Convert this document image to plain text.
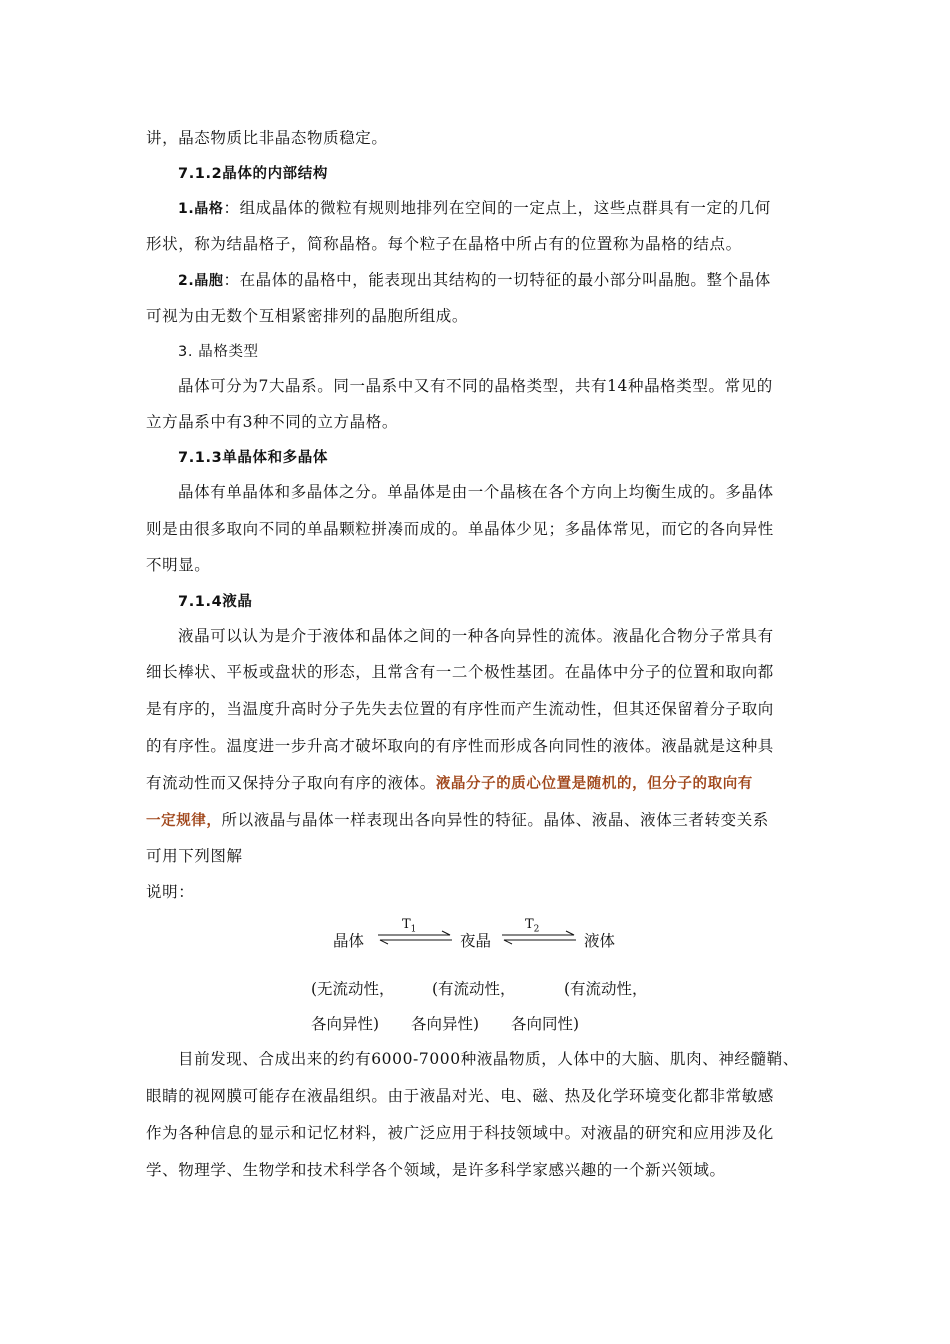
讲，晶态物质比非晶态物质稳定。
7.1.2晶体的内部结构
1.晶格：组成晶体的微粒有规则地排列在空间的一定点上，这些点群具有一定的几何
形状，称为结晶格子，简称晶格。每个粒子在晶格中所占有的位置称为晶格的结点。
2.晶胞：在晶体的晶格中，能表现出其结构的一切特征的最小部分叫晶胞。整个晶体
可视为由无数个互相紧密排列的晶胞所组成。
3. 晶格类型
晶体可分为7大晶系。同一晶系中又有不同的晶格类型，共有14种晶格类型。常见的
立方晶系中有3种不同的立方晶格。
7.1.3单晶体和多晶体
晶体有单晶体和多晶体之分。单晶体是由一个晶核在各个方向上均衡生成的。多晶体
则是由很多取向不同的单晶颗粒拼凑而成的。单晶体少见；多晶体常见，而它的各向异性
不明显。
7.1.4液晶
液晶可以认为是介于液体和晶体之间的一种各向异性的流体。液晶化合物分子常具有
细长棒状、平板或盘状的形态，且常含有一二个极性基团。在晶体中分子的位置和取向都
是有序的，当温度升高时分子先失去位置的有序性而产生流动性，但其还保留着分子取向
的有序性。温度进一步升高才破坏取向的有序性而形成各向同性的液体。液晶就是这种具
有流动性而又保持分子取向有序的液体。液晶分子的质心位置是随机的，但分子的取向有
一定规律，所以液晶与晶体一样表现出各向异性的特征。晶体、液晶、液体三者转变关系
可用下列图解
说明：
晶体	夜晶	液体
$T_1$	$T_2$
(无流动性， (有流动性，	(有流动性，
各向异性) 各向异性) 各向同性)
目前发现、合成出来的约有6000-7000种液晶物质，人体中的大脑、肌肉、神经髓鞘、
眼睛的视网膜可能存在液晶组织。由于液晶对光、电、磁、热及化学环境变化都非常敏感
作为各种信息的显示和记忆材料，被广泛应用于科技领域中。对液晶的研究和应用涉及化
学、物理学、生物学和技术科学各个领域，是许多科学家感兴趣的一个新兴领域。
